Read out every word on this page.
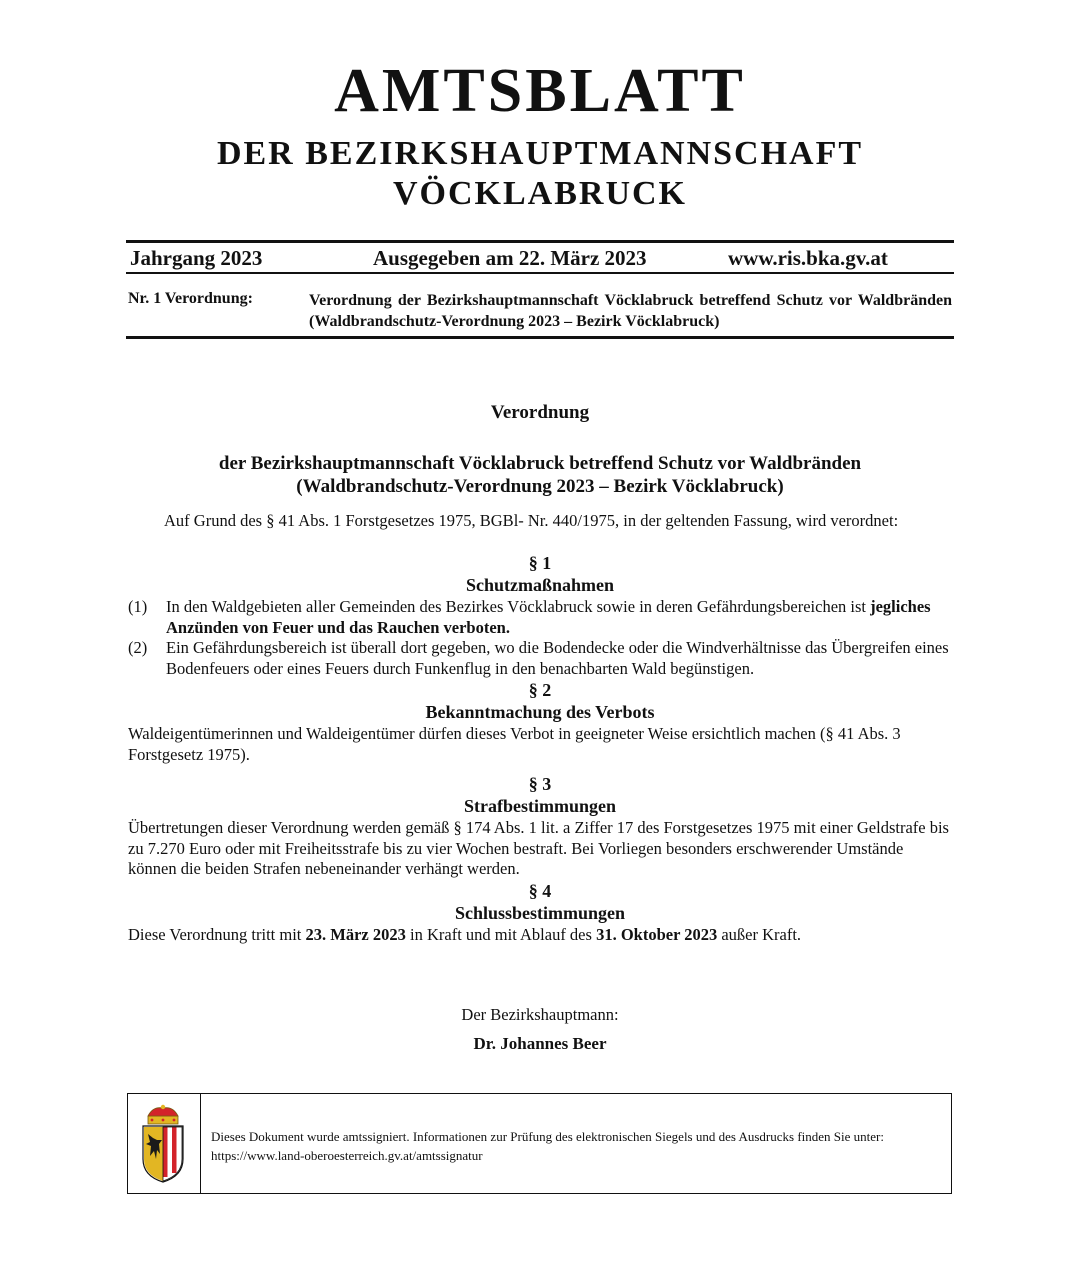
AMTSBLATT
DER BEZIRKSHAUPTMANNSCHAFT
VÖCKLABRUCK
Jahrgang 2023	Ausgegeben am 22. März 2023	www.ris.bka.gv.at
Nr. 1 Verordnung:	Verordnung der Bezirkshauptmannschaft Vöcklabruck betreffend Schutz vor Waldbränden (Waldbrandschutz-Verordnung 2023 – Bezirk Vöcklabruck)
Verordnung
der Bezirkshauptmannschaft Vöcklabruck betreffend Schutz vor Waldbränden
(Waldbrandschutz-Verordnung 2023 – Bezirk Vöcklabruck)
Auf Grund des § 41 Abs. 1 Forstgesetzes 1975, BGBl- Nr. 440/1975, in der geltenden Fassung, wird verordnet:
§ 1
Schutzmaßnahmen
(1) In den Waldgebieten aller Gemeinden des Bezirkes Vöcklabruck sowie in deren Gefährdungsbereichen ist jegliches Anzünden von Feuer und das Rauchen verboten.
(2) Ein Gefährdungsbereich ist überall dort gegeben, wo die Bodendecke oder die Windverhältnisse das Übergreifen eines Bodenfeuers oder eines Feuers durch Funkenflug in den benachbarten Wald begünstigen.
§ 2
Bekanntmachung des Verbots

Waldeigentümerinnen und Waldeigentümer dürfen dieses Verbot in geeigneter Weise ersichtlich machen (§ 41 Abs. 3 Forstgesetz 1975).

§ 3
Strafbestimmungen

Übertretungen dieser Verordnung werden gemäß § 174 Abs. 1 lit. a Ziffer 17 des Forstgesetzes 1975 mit einer Geldstrafe bis zu 7.270 Euro oder mit Freiheitsstrafe bis zu vier Wochen bestraft. Bei Vorliegen besonders erschwerender Umstände können die beiden Strafen nebeneinander verhängt werden.

§ 4
Schlussbestimmungen

Diese Verordnung tritt mit 23. März 2023 in Kraft und mit Ablauf des 31. Oktober 2023 außer Kraft.

Der Bezirkshauptmann:
Dr. Johannes Beer
Dieses Dokument wurde amtssigniert. Informationen zur Prüfung des elektronischen Siegels und des Ausdrucks finden Sie unter: https://www.land-oberoesterreich.gv.at/amtssignatur
